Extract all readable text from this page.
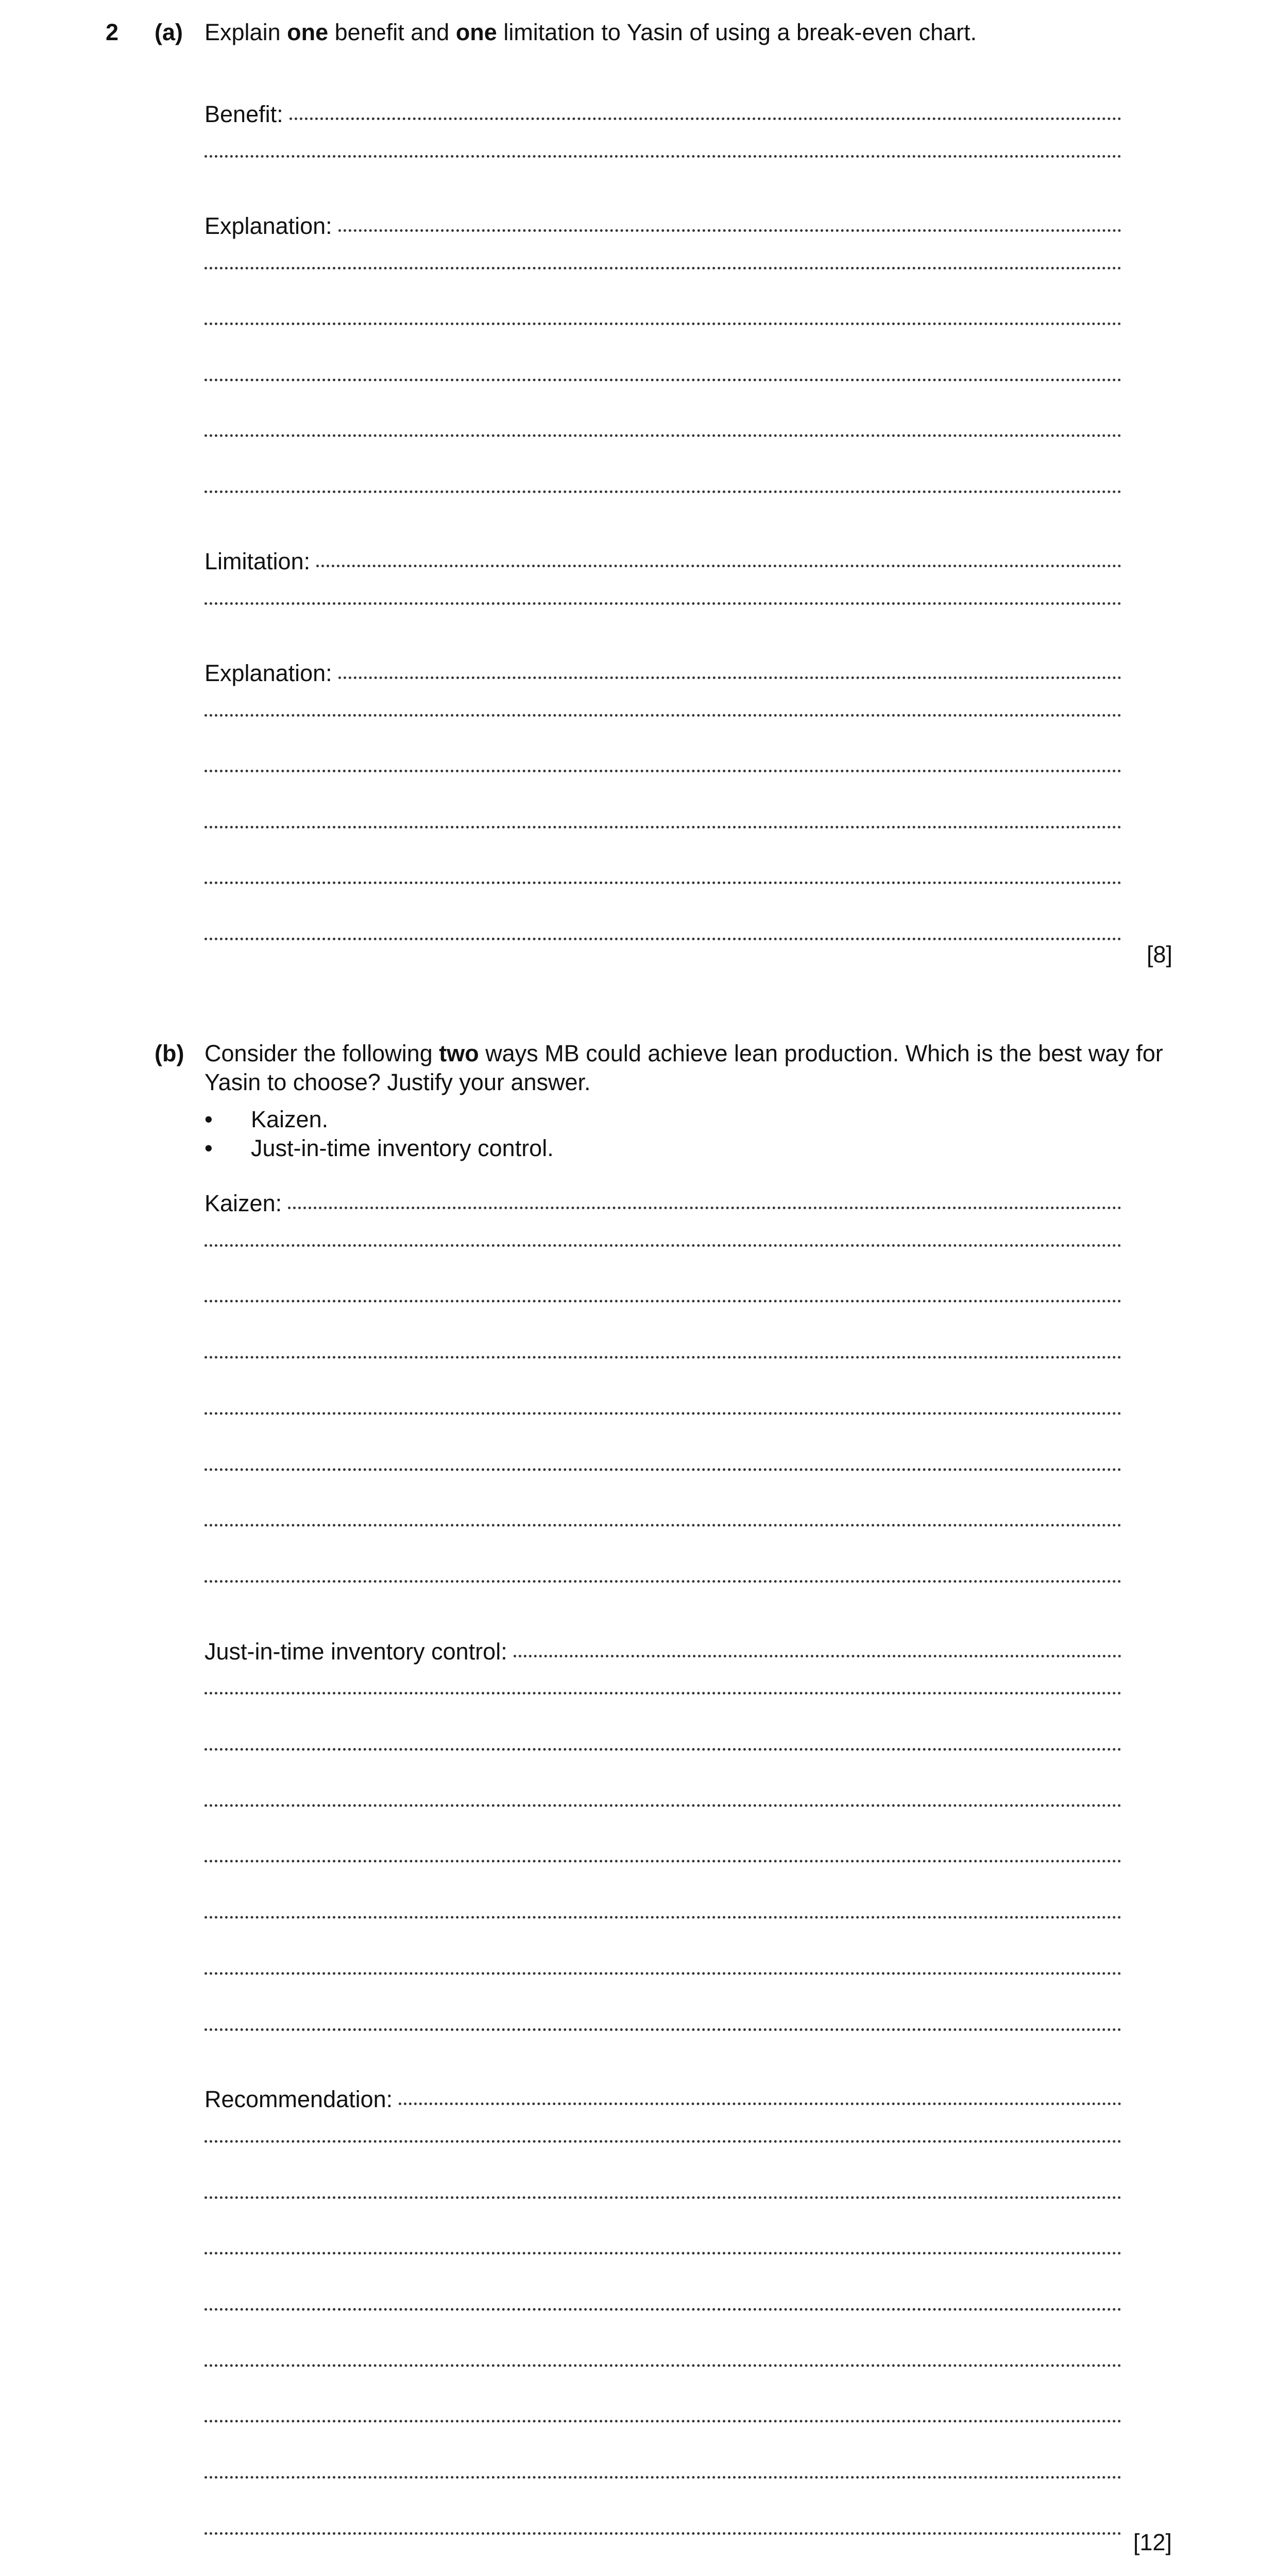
2 (a) Explain one benefit and one limitation to Yasin of using a break-even chart.
Benefit:
Explanation:
Limitation:
Explanation:
[8]
(b) Consider the following two ways MB could achieve lean production. Which is the best way for
Yasin to choose? Justify your answer.
• Kaizen.
• Just-in-time inventory control.
Kaizen:
Just-in-time inventory control:
Recommendation:
[12]
